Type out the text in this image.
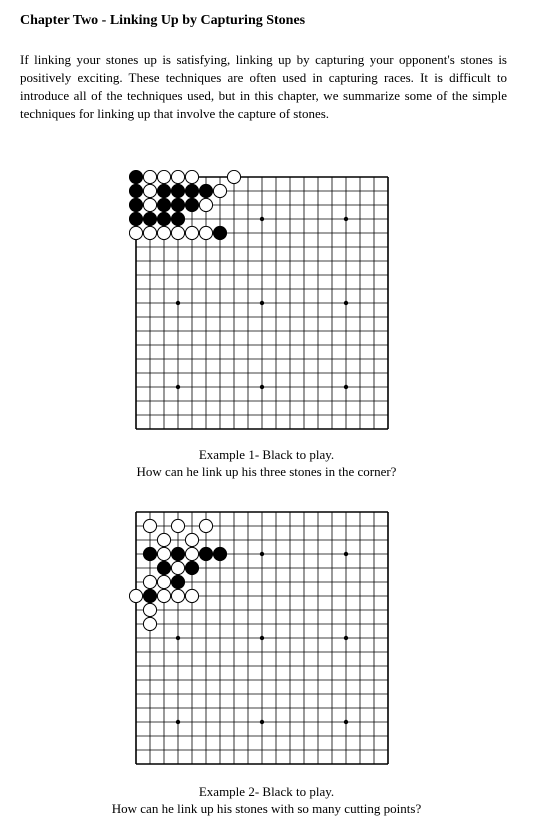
Chapter Two - Linking Up by Capturing Stones

If linking your stones up is satisfying, linking up by capturing your opponent's stones is positively exciting. These techniques are often used in capturing races. It is difficult to introduce all of the techniques used, but in this chapter, we summarize some of the simple techniques for linking up that involve the capture of stones.

Example 1- Black to play.
How can he link up his three stones in the corner?
Example 2- Black to play.
How can he link up his stones with so many cutting points?
